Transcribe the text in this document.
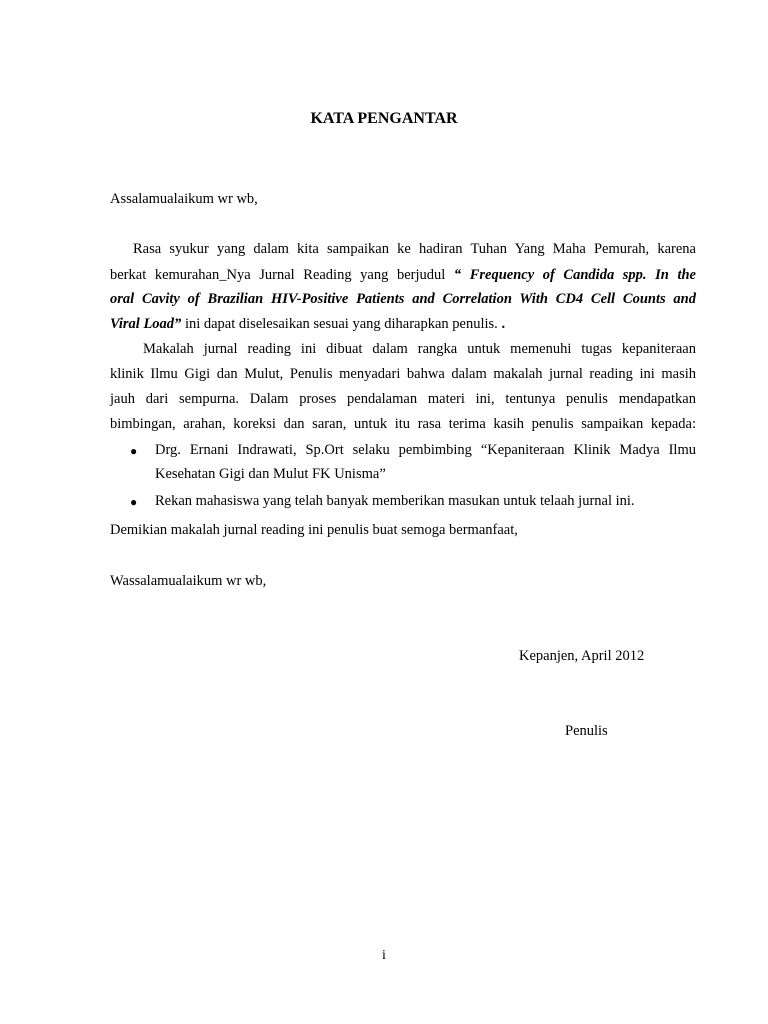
KATA PENGANTAR
Assalamualaikum wr wb,
Rasa syukur yang dalam kita sampaikan ke hadiran Tuhan Yang Maha Pemurah, karena
berkat kemurahan_Nya Jurnal Reading yang berjudul “ Frequency of Candida spp. In the
oral Cavity of Brazilian HIV-Positive Patients and Correlation With CD4 Cell Counts and
Viral Load” ini dapat diselesaikan sesuai yang diharapkan penulis. .
Makalah jurnal reading ini dibuat dalam rangka untuk memenuhi tugas kepaniteraan
klinik Ilmu Gigi dan Mulut, Penulis menyadari bahwa dalam makalah jurnal reading ini masih
jauh dari sempurna. Dalam proses pendalaman materi ini, tentunya penulis mendapatkan
bimbingan, arahan, koreksi dan saran, untuk itu rasa terima kasih penulis sampaikan kepada:
● Drg. Ernani Indrawati, Sp.Ort selaku pembimbing “Kepaniteraan Klinik Madya Ilmu
Kesehatan Gigi dan Mulut FK Unisma”
● Rekan mahasiswa yang telah banyak memberikan masukan untuk telaah jurnal ini.
Demikian makalah jurnal reading ini penulis buat semoga bermanfaat,
Wassalamualaikum wr wb,
Kepanjen, April 2012
Penulis
i
